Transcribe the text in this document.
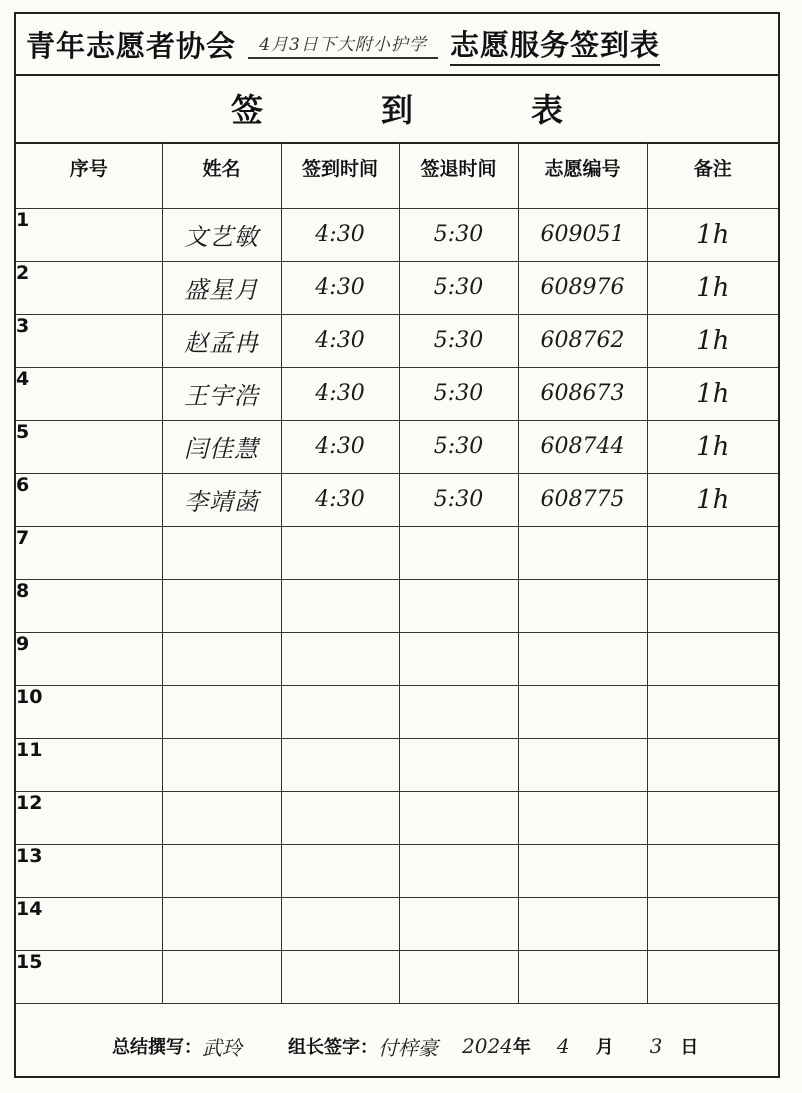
青年志愿者协会	4月3日下大附小护学 志愿服务签到表
签到表
序号	姓名	签到时间	签退时间	志愿编号	备注
1	文艺敏	4:30	5:30	609051	1h
2	盛星月	4:30	5:30	608976	1h
3	赵孟冉	4:30	5:30	608762	1h
4	王宇浩	4:30	5:30	608673	1h
5	闫佳慧	4:30	5:30	608744	1h
6	李靖菡	4:30	5:30	608775	1h
7					
8					
9					
10					
11					
12					
13					
14					
15					
总结撰写： 武玲	组长签字： 付梓豪 2024 年 4 月 3 日
